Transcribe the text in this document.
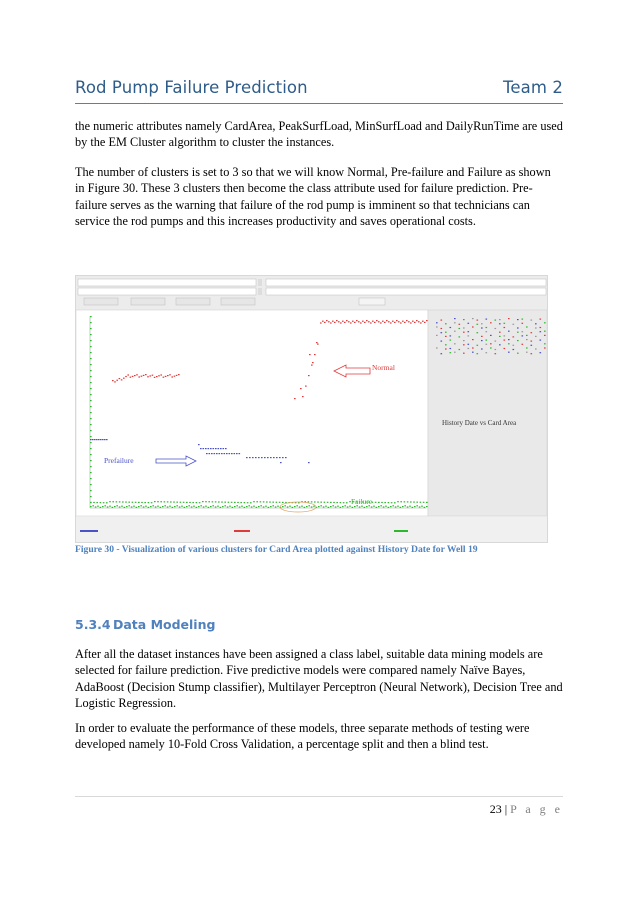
Rod Pump Failure Prediction	Team 2

the numeric attributes namely CardArea, PeakSurfLoad, MinSurfLoad and DailyRunTime are used by the EM Cluster algorithm to cluster the instances.

The number of clusters is set to 3 so that we will know Normal, Pre-failure and Failure as shown in Figure 30. These 3 clusters then become the class attribute used for failure prediction. Pre-failure serves as the warning that failure of the rod pump is imminent so that technicians can service the rod pumps and this increases productivity and saves operational costs.

Normal
Prefailure
Failure
History Date vs Card Area

Figure 30 - Visualization of various clusters for Card Area plotted against History Date for Well 19

5.3.4 Data Modeling

After all the dataset instances have been assigned a class label, suitable data mining models are selected for failure prediction. Five predictive models were compared namely Naïve Bayes, AdaBoost (Decision Stump classifier), Multilayer Perceptron (Neural Network), Decision Tree and Logistic Regression.

In order to evaluate the performance of these models, three separate methods of testing were developed namely 10-Fold Cross Validation, a percentage split and then a blind test.

23 | P a g e
